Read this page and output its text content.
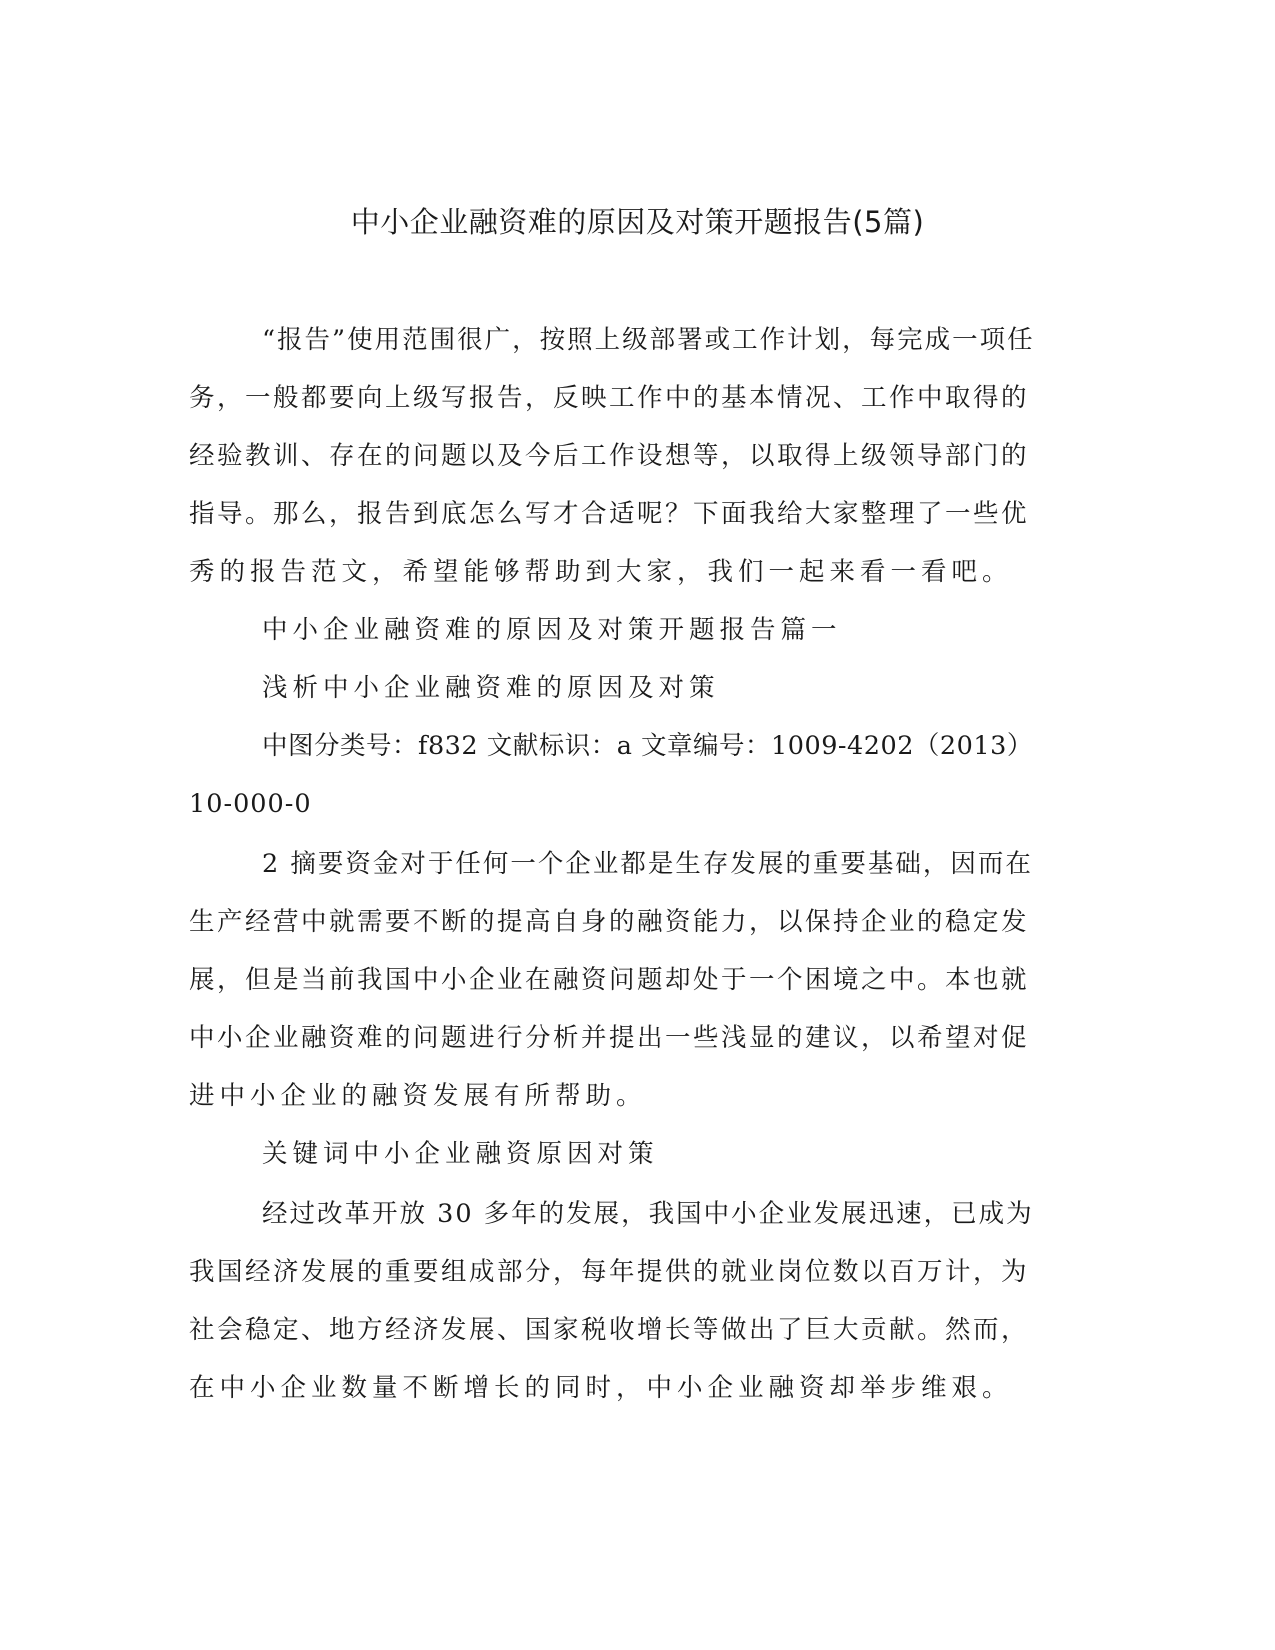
中小企业融资难的原因及对策开题报告(5篇)
“报告”使用范围很广，按照上级部署或工作计划，每完成一项任
务，一般都要向上级写报告，反映工作中的基本情况、工作中取得的
经验教训、存在的问题以及今后工作设想等，以取得上级领导部门的
指导。那么，报告到底怎么写才合适呢？下面我给大家整理了一些优
秀的报告范文，希望能够帮助到大家，我们一起来看一看吧。
中小企业融资难的原因及对策开题报告篇一
浅析中小企业融资难的原因及对策
中图分类号：f832 文献标识：a 文章编号：1009-4202（2013）
10-000-0
2 摘要资金对于任何一个企业都是生存发展的重要基础，因而在
生产经营中就需要不断的提高自身的融资能力，以保持企业的稳定发
展，但是当前我国中小企业在融资问题却处于一个困境之中。本也就
中小企业融资难的问题进行分析并提出一些浅显的建议，以希望对促
进中小企业的融资发展有所帮助。
关键词中小企业融资原因对策
经过改革开放 30 多年的发展，我国中小企业发展迅速，已成为
我国经济发展的重要组成部分，每年提供的就业岗位数以百万计，为
社会稳定、地方经济发展、国家税收增长等做出了巨大贡献。然而，
在中小企业数量不断增长的同时，中小企业融资却举步维艰。
